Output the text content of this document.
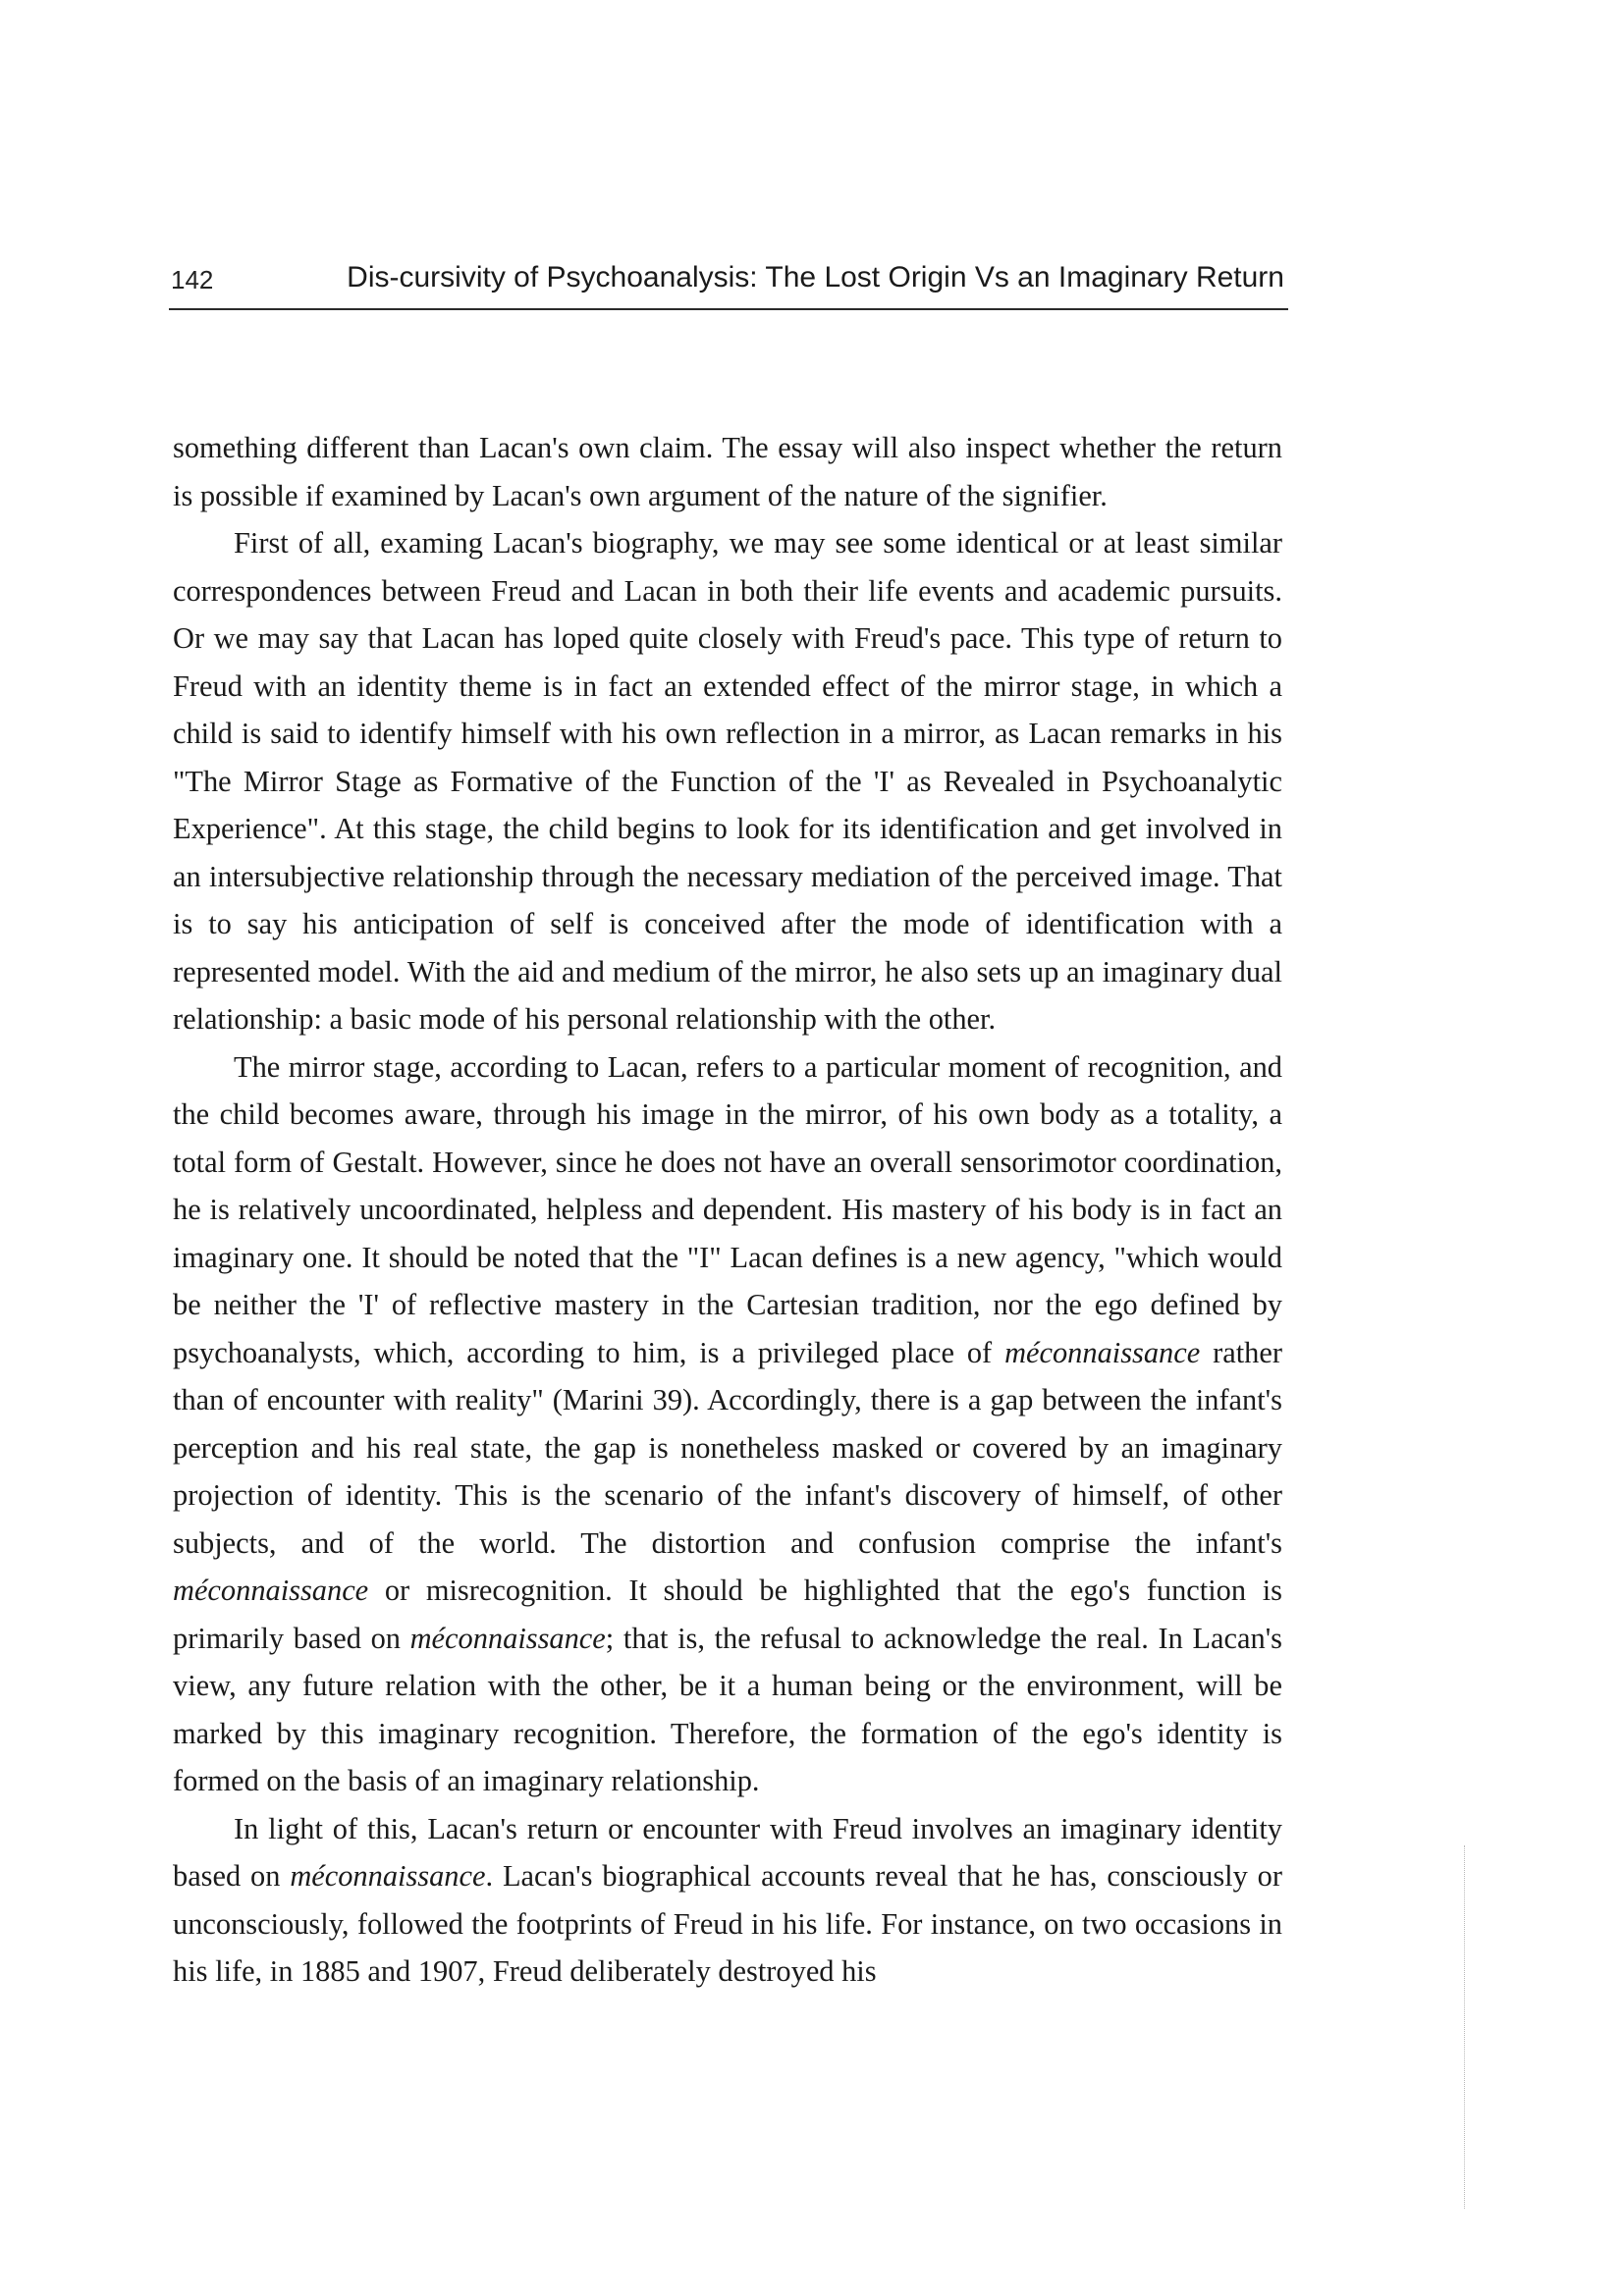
142	Dis-cursivity of Psychoanalysis: The Lost Origin Vs an Imaginary Return

something different than Lacan's own claim. The essay will also inspect whether the return is possible if examined by Lacan's own argument of the nature of the signifier.

First of all, examing Lacan's biography, we may see some identical or at least similar correspondences between Freud and Lacan in both their life events and academic pursuits. Or we may say that Lacan has loped quite closely with Freud's pace. This type of return to Freud with an identity theme is in fact an extended effect of the mirror stage, in which a child is said to identify himself with his own reflection in a mirror, as Lacan remarks in his "The Mirror Stage as Formative of the Function of the 'I' as Revealed in Psychoanalytic Experience". At this stage, the child begins to look for its identification and get involved in an intersubjective relationship through the necessary mediation of the perceived image. That is to say his anticipation of self is conceived after the mode of identification with a represented model. With the aid and medium of the mirror, he also sets up an imaginary dual relationship: a basic mode of his personal relationship with the other.

The mirror stage, according to Lacan, refers to a particular moment of recognition, and the child becomes aware, through his image in the mirror, of his own body as a totality, a total form of Gestalt. However, since he does not have an overall sensorimotor coordination, he is relatively uncoordinated, helpless and dependent. His mastery of his body is in fact an imaginary one. It should be noted that the "I" Lacan defines is a new agency, "which would be neither the 'I' of reflective mastery in the Cartesian tradition, nor the ego defined by psychoanalysts, which, according to him, is a privileged place of méconnaissance rather than of encounter with reality" (Marini 39). Accordingly, there is a gap between the infant's perception and his real state, the gap is nonetheless masked or covered by an imaginary projection of identity. This is the scenario of the infant's discovery of himself, of other subjects, and of the world. The distortion and confusion comprise the infant's méconnaissance or misrecognition. It should be highlighted that the ego's function is primarily based on méconnaissance; that is, the refusal to acknowledge the real. In Lacan's view, any future relation with the other, be it a human being or the environment, will be marked by this imaginary recognition. Therefore, the formation of the ego's identity is formed on the basis of an imaginary relationship.

In light of this, Lacan's return or encounter with Freud involves an imaginary identity based on méconnaissance. Lacan's biographical accounts reveal that he has, consciously or unconsciously, followed the footprints of Freud in his life. For instance, on two occasions in his life, in 1885 and 1907, Freud deliberately destroyed his
